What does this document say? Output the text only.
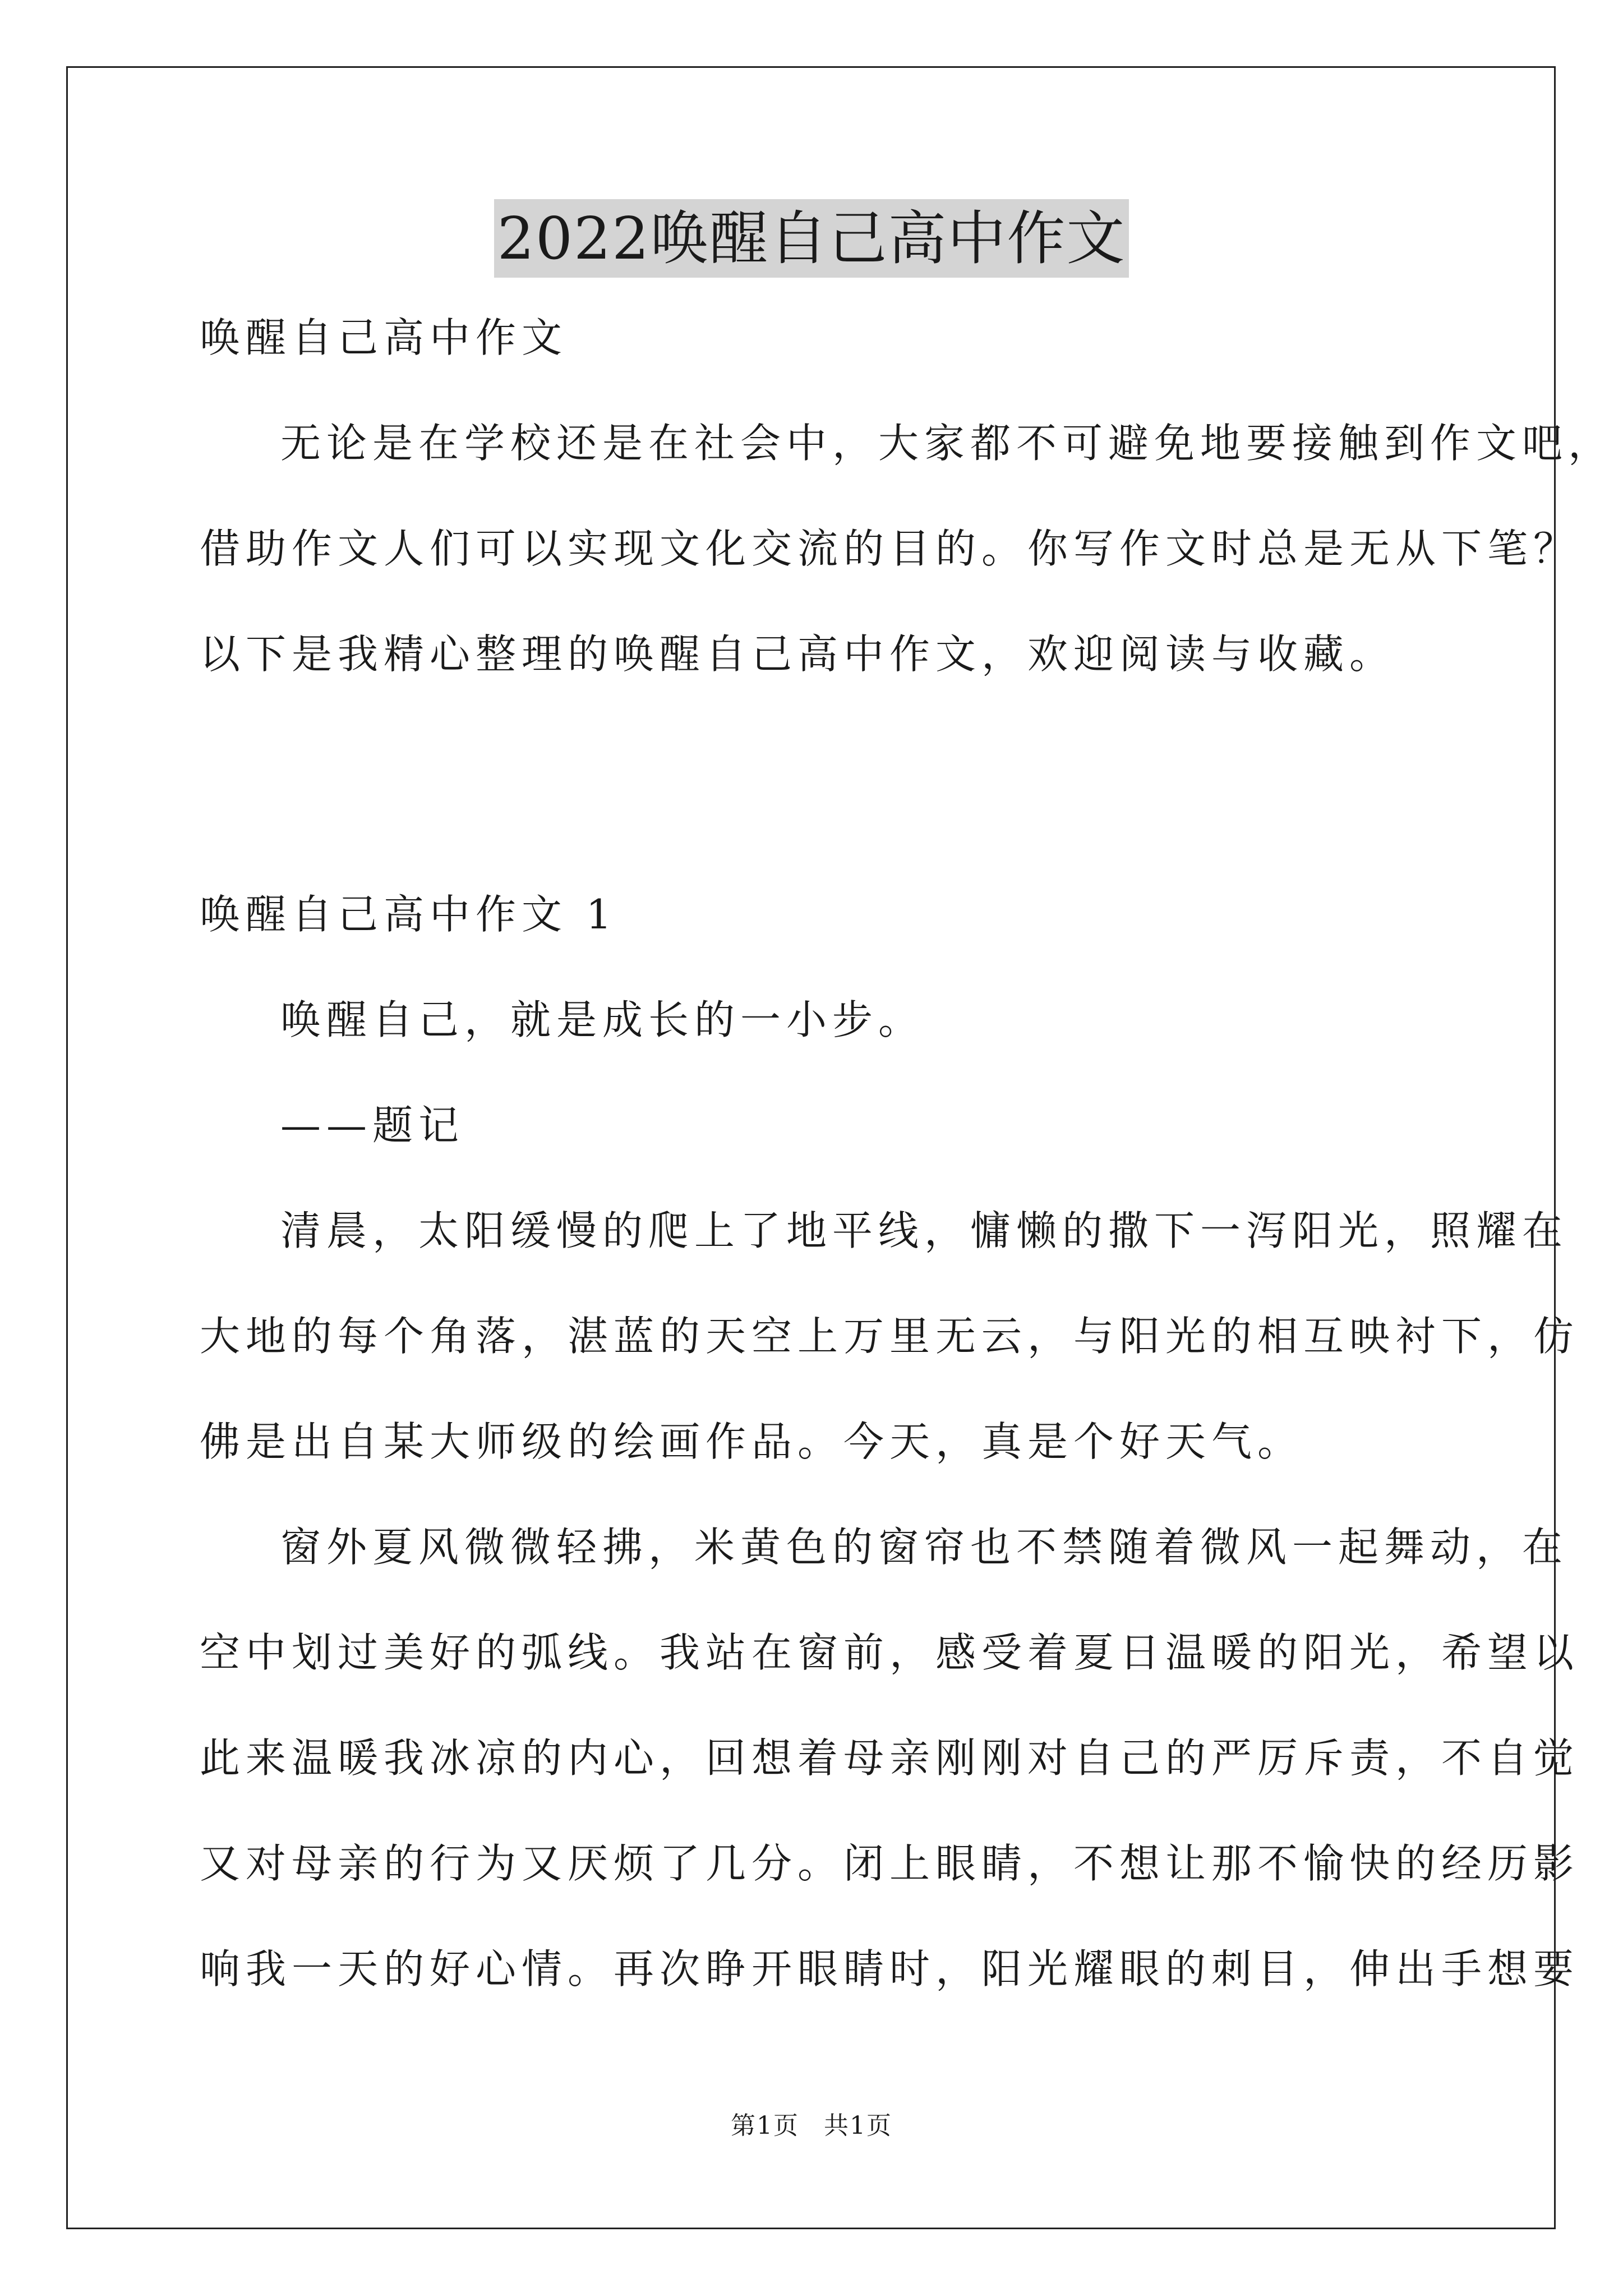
2022唤醒自己高中作文
唤醒自己高中作文
无论是在学校还是在社会中，大家都不可避免地要接触到作文吧，
借助作文人们可以实现文化交流的目的。你写作文时总是无从下笔？
以下是我精心整理的唤醒自己高中作文，欢迎阅读与收藏。
唤醒自己高中作文 1
唤醒自己，就是成长的一小步。
——题记
清晨，太阳缓慢的爬上了地平线，慵懒的撒下一泻阳光，照耀在
大地的每个角落，湛蓝的天空上万里无云，与阳光的相互映衬下，仿
佛是出自某大师级的绘画作品。今天，真是个好天气。
窗外夏风微微轻拂，米黄色的窗帘也不禁随着微风一起舞动，在
空中划过美好的弧线。我站在窗前，感受着夏日温暖的阳光，希望以
此来温暖我冰凉的内心，回想着母亲刚刚对自己的严厉斥责，不自觉
又对母亲的行为又厌烦了几分。闭上眼睛，不想让那不愉快的经历影
响我一天的好心情。再次睁开眼睛时，阳光耀眼的刺目，伸出手想要
第1页 共1页
